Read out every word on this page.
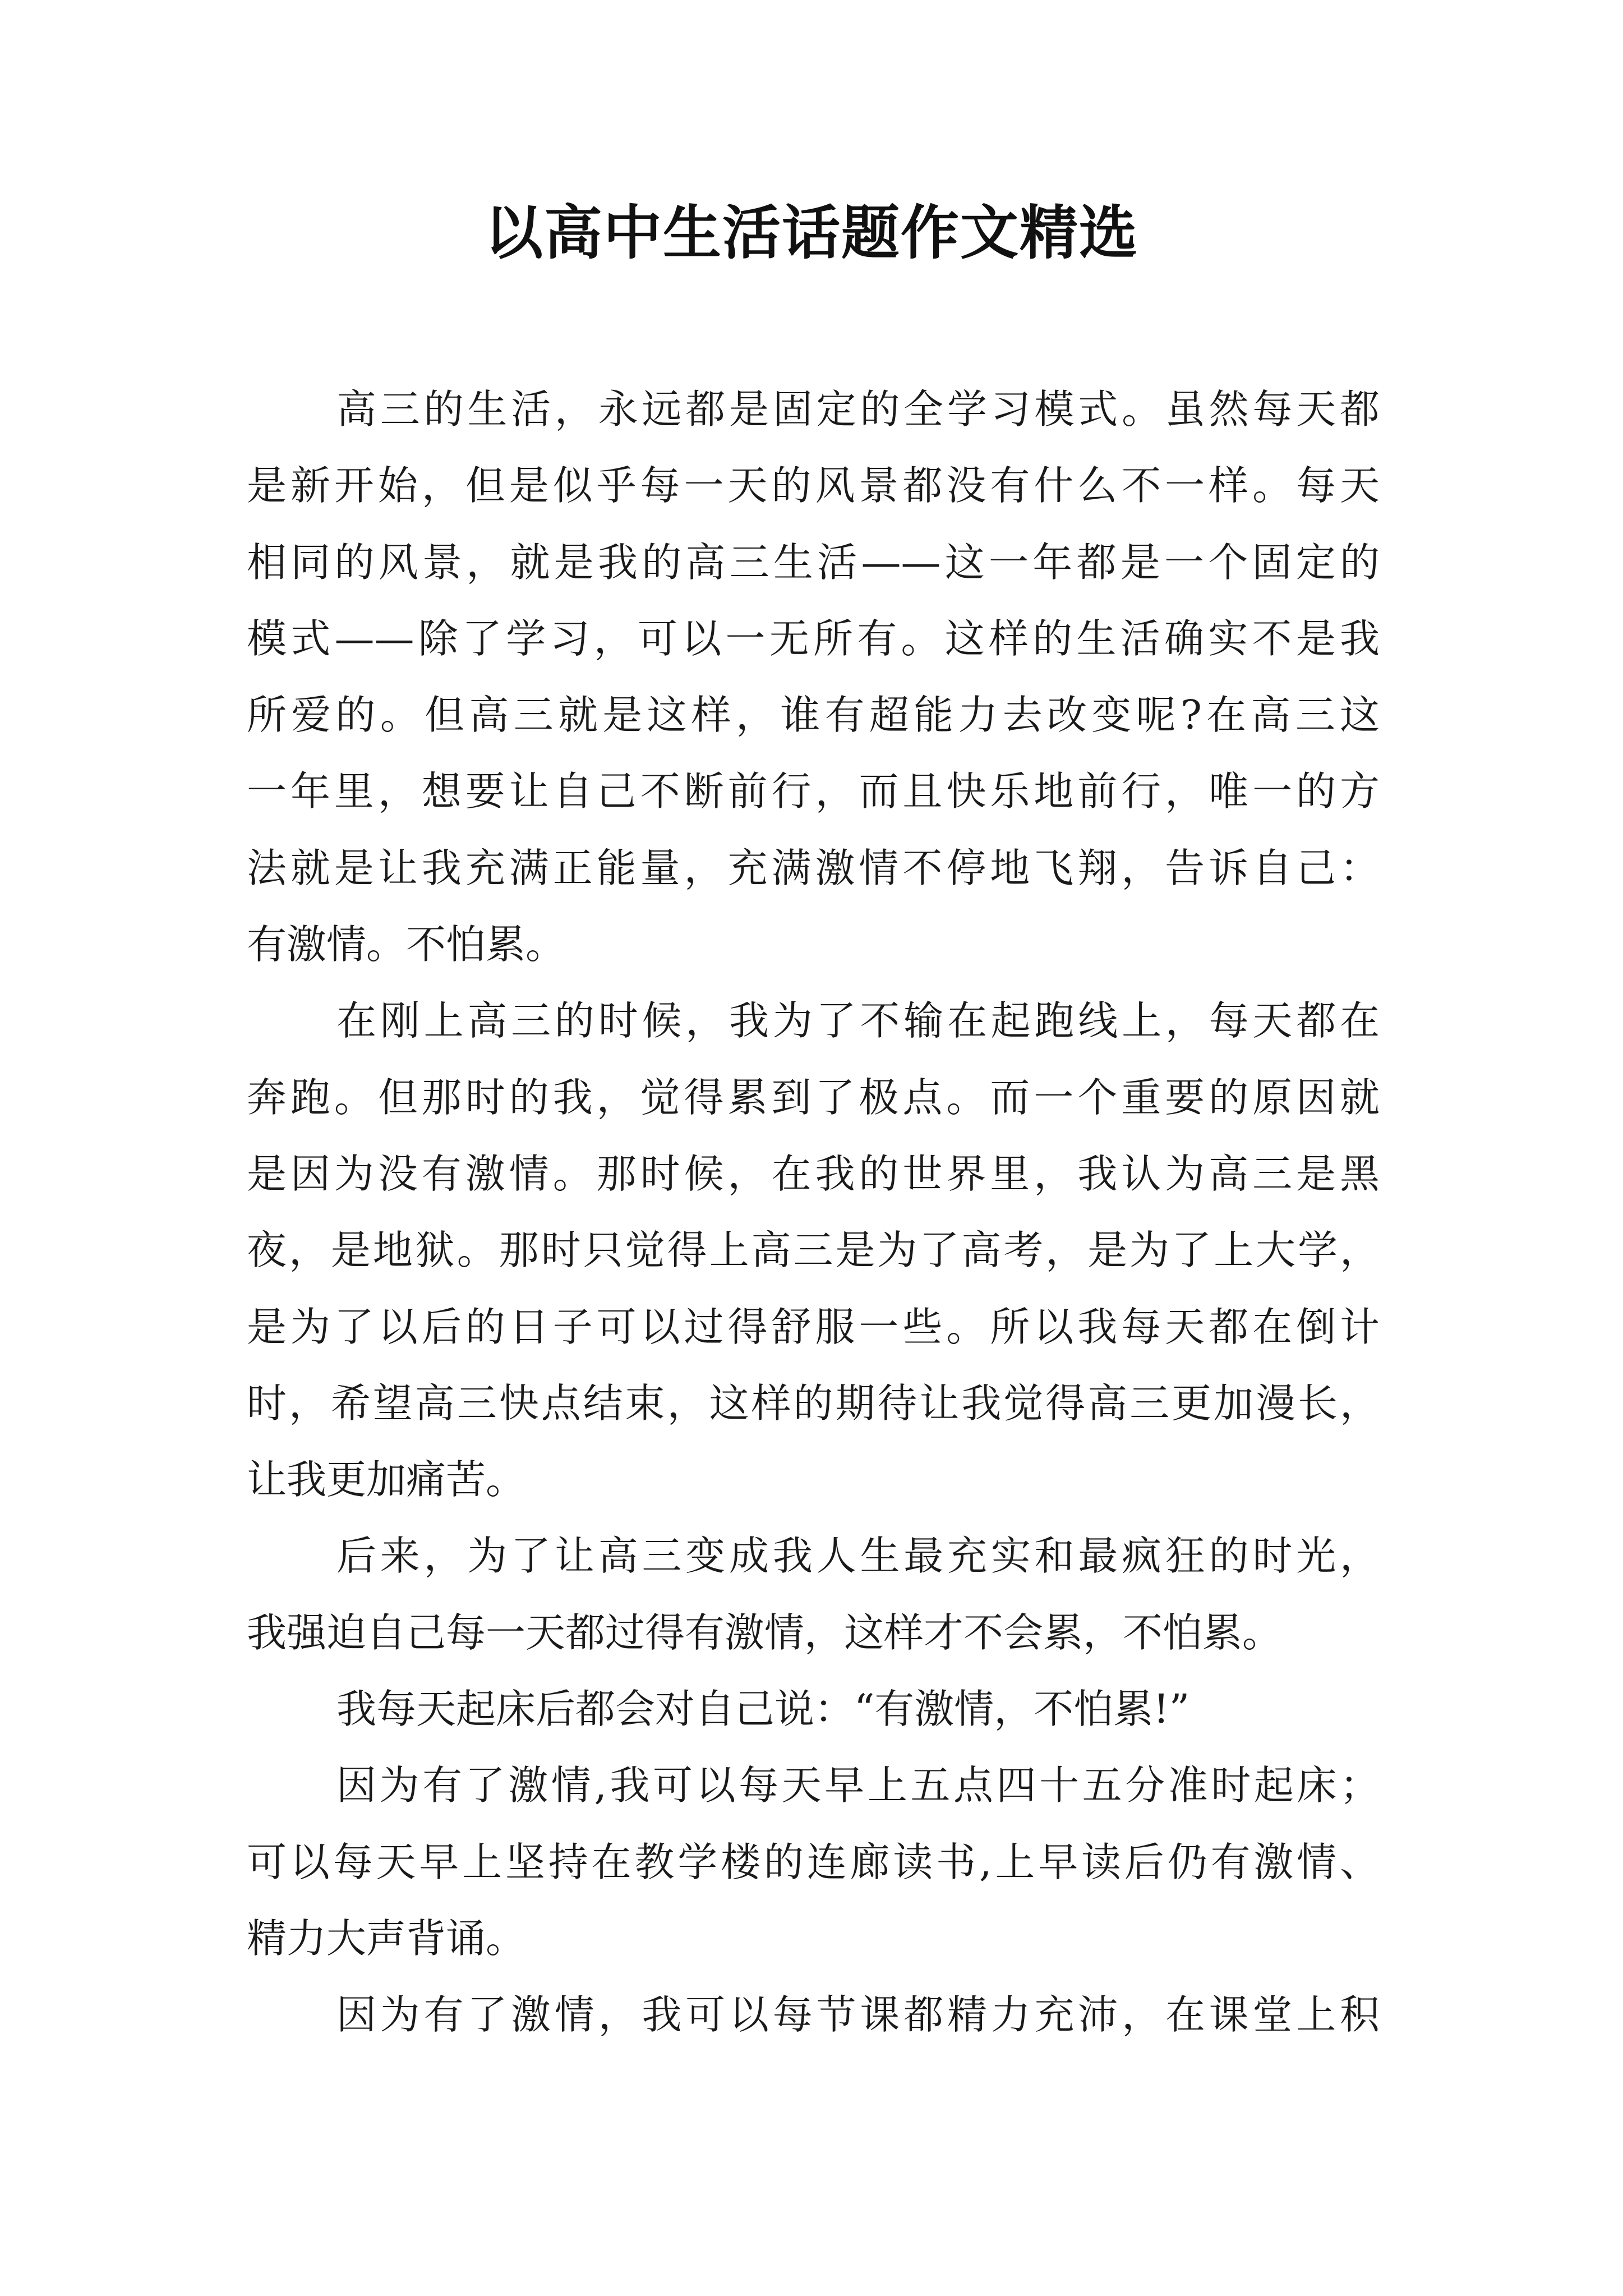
以高中生活话题作文精选
高三的生活，永远都是固定的全学习模式。虽然每天都
是新开始，但是似乎每一天的风景都没有什么不一样。每天
相同的风景，就是我的高三生活——这一年都是一个固定的
模式——除了学习，可以一无所有。这样的生活确实不是我
所爱的。但高三就是这样，谁有超能力去改变呢?在高三这
一年里，想要让自己不断前行，而且快乐地前行，唯一的方
法就是让我充满正能量，充满激情不停地飞翔，告诉自己：
有激情。不怕累。
在刚上高三的时候，我为了不输在起跑线上，每天都在
奔跑。但那时的我，觉得累到了极点。而一个重要的原因就
是因为没有激情。那时候，在我的世界里，我认为高三是黑
夜，是地狱。那时只觉得上高三是为了高考，是为了上大学，
是为了以后的日子可以过得舒服一些。所以我每天都在倒计
时，希望高三快点结束，这样的期待让我觉得高三更加漫长，
让我更加痛苦。
后来，为了让高三变成我人生最充实和最疯狂的时光，
我强迫自己每一天都过得有激情，这样才不会累，不怕累。
我每天起床后都会对自己说：“有激情，不怕累!”
因为有了激情,我可以每天早上五点四十五分准时起床；
可以每天早上坚持在教学楼的连廊读书,上早读后仍有激情、
精力大声背诵。
因为有了激情，我可以每节课都精力充沛，在课堂上积
